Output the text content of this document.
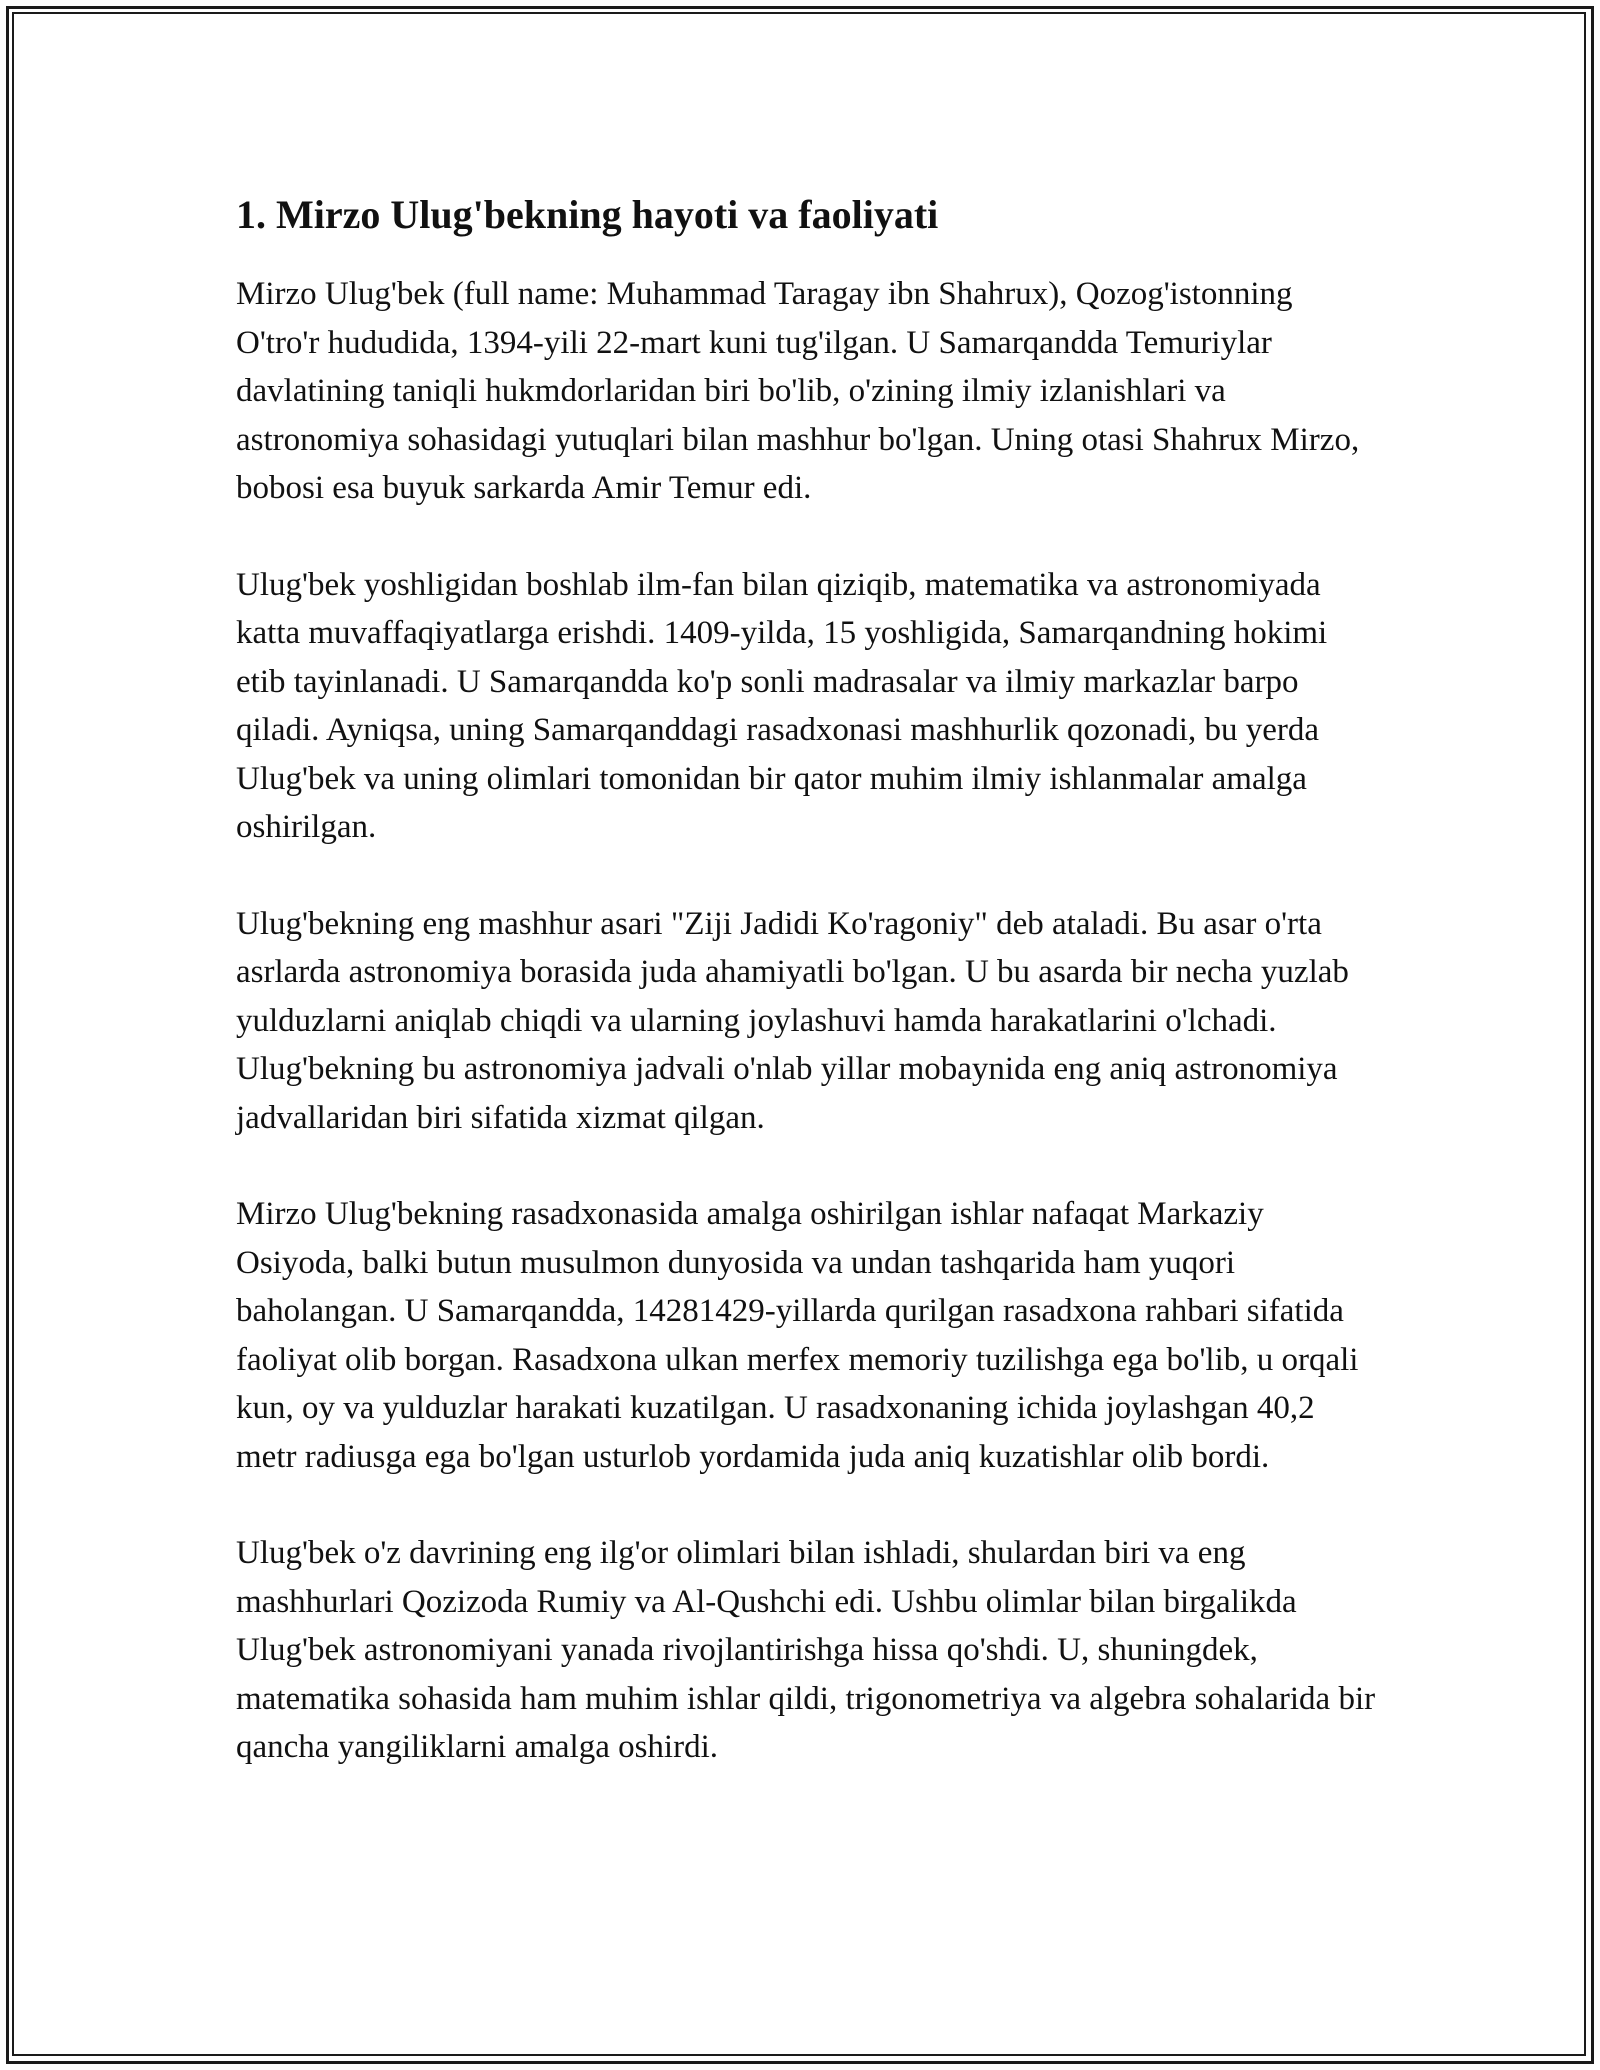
1. Mirzo Ulug'bekning hayoti va faoliyati

Mirzo Ulug'bek (full name: Muhammad Taragay ibn Shahrux), Qozog'istonning O'tro'r hududida, 1394-yili 22-mart kuni tug'ilgan. U Samarqandda Temuriylar davlatining taniqli hukmdorlaridan biri bo'lib, o'zining ilmiy izlanishlari va astronomiya sohasidagi yutuqlari bilan mashhur bo'lgan. Uning otasi Shahrux Mirzo, bobosi esa buyuk sarkarda Amir Temur edi.

Ulug'bek yoshligidan boshlab ilm-fan bilan qiziqib, matematika va astronomiyada katta muvaffaqiyatlarga erishdi. 1409-yilda, 15 yoshligida, Samarqandning hokimi etib tayinlanadi. U Samarqandda ko'p sonli madrasalar va ilmiy markazlar barpo qiladi. Ayniqsa, uning Samarqanddagi rasadxonasi mashhurlik qozonadi, bu yerda Ulug'bek va uning olimlari tomonidan bir qator muhim ilmiy ishlanmalar amalga oshirilgan.

Ulug'bekning eng mashhur asari "Ziji Jadidi Ko'ragoniy" deb ataladi. Bu asar o'rta asrlarda astronomiya borasida juda ahamiyatli bo'lgan. U bu asarda bir necha yuzlab yulduzlarni aniqlab chiqdi va ularning joylashuvi hamda harakatlarini o'lchadi. Ulug'bekning bu astronomiya jadvali o'nlab yillar mobaynida eng aniq astronomiya jadvallaridan biri sifatida xizmat qilgan.

Mirzo Ulug'bekning rasadxonasida amalga oshirilgan ishlar nafaqat Markaziy Osiyoda, balki butun musulmon dunyosida va undan tashqarida ham yuqori baholangan. U Samarqandda, 14281429-yillarda qurilgan rasadxona rahbari sifatida faoliyat olib borgan. Rasadxona ulkan merfex memoriy tuzilishga ega bo'lib, u orqali kun, oy va yulduzlar harakati kuzatilgan. U rasadxonaning ichida joylashgan 40,2 metr radiusga ega bo'lgan usturlob yordamida juda aniq kuzatishlar olib bordi.

Ulug'bek o'z davrining eng ilg'or olimlari bilan ishladi, shulardan biri va eng mashhurlari Qozizoda Rumiy va Al-Qushchi edi. Ushbu olimlar bilan birgalikda Ulug'bek astronomiyani yanada rivojlantirishga hissa qo'shdi. U, shuningdek, matematika sohasida ham muhim ishlar qildi, trigonometriya va algebra sohalarida bir qancha yangiliklarni amalga oshirdi.
